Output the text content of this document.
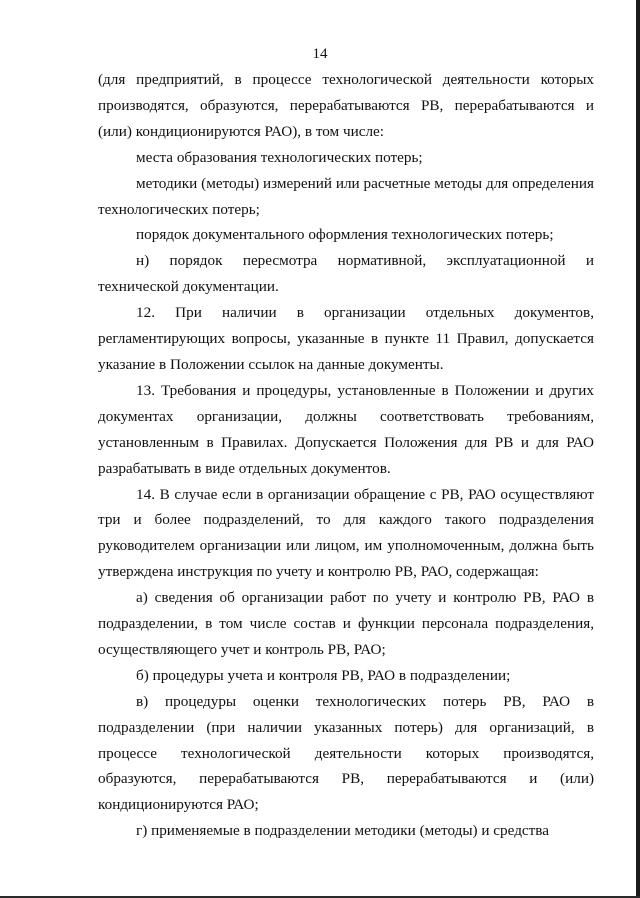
14

(для предприятий, в процессе технологической деятельности которых производятся, образуются, перерабатываются РВ, перерабатываются и (или) кондиционируются РАО), в том числе:

места образования технологических потерь;

методики (методы) измерений или расчетные методы для определения технологических потерь;

порядок документального оформления технологических потерь;

н) порядок пересмотра нормативной, эксплуатационной и технической документации.

12. При наличии в организации отдельных документов, регламентирующих вопросы, указанные в пункте 11 Правил, допускается указание в Положении ссылок на данные документы.

13. Требования и процедуры, установленные в Положении и других документах организации, должны соответствовать требованиям, установленным в Правилах. Допускается Положения для РВ и для РАО разрабатывать в виде отдельных документов.

14. В случае если в организации обращение с РВ, РАО осуществляют три и более подразделений, то для каждого такого подразделения руководителем организации или лицом, им уполномоченным, должна быть утверждена инструкция по учету и контролю РВ, РАО, содержащая:

а) сведения об организации работ по учету и контролю РВ, РАО в подразделении, в том числе состав и функции персонала подразделения, осуществляющего учет и контроль РВ, РАО;

б) процедуры учета и контроля РВ, РАО в подразделении;

в) процедуры оценки технологических потерь РВ, РАО в подразделении (при наличии указанных потерь) для организаций, в процессе технологической деятельности которых производятся, образуются, перерабатываются РВ, перерабатываются и (или) кондиционируются РАО;

г) применяемые в подразделении методики (методы) и средства
